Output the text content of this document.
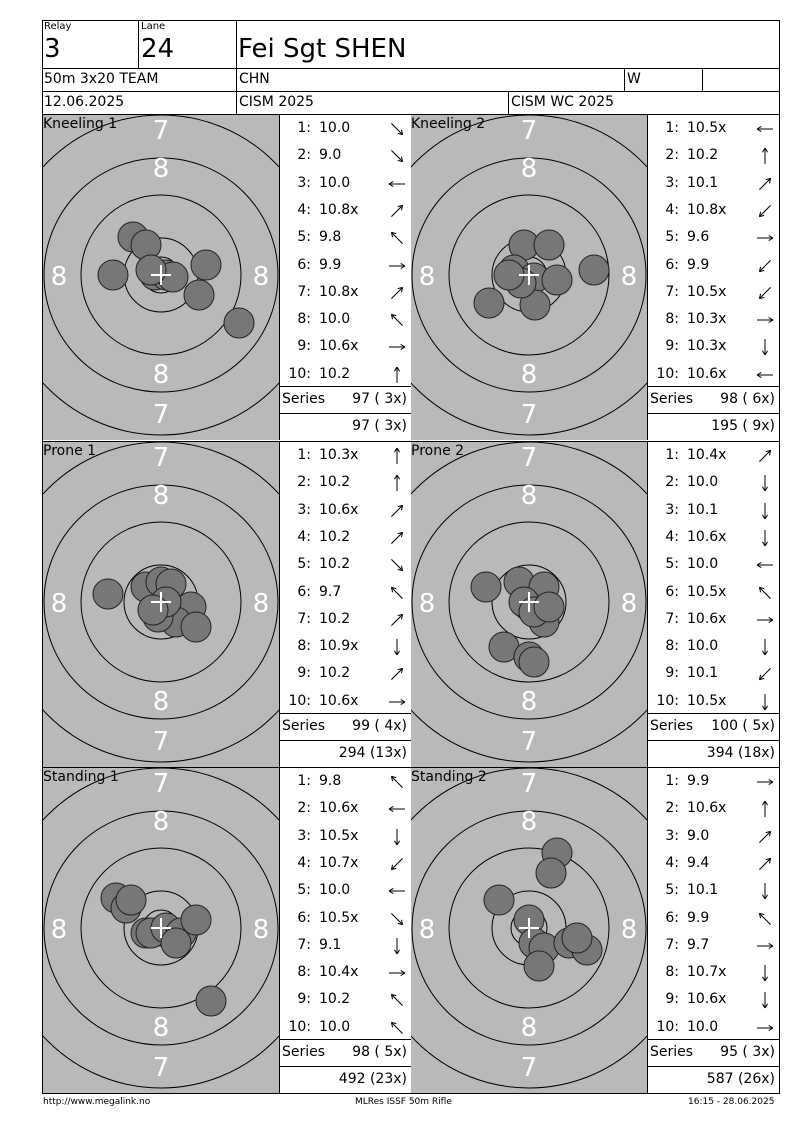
Relay
3
Lane
24 Fei Sgt SHEN
50m 3x20 TEAM	CHN	W
12.06.2025	CISM 2025	CISM WC 2025
7
8
8
7
8	8
Kneeling 1	1: 10.0
2: 9.0
3: 10.0
4: 10.8x
5: 9.8
6: 9.9
7: 10.8x
8: 10.0
9: 10.6x
10: 10.2
Series	97 ( 3x)
97 ( 3x)
7
8
8
7
8	8
Kneeling 2	1: 10.5x
2: 10.2
3: 10.1
4: 10.8x
5: 9.6
6: 9.9
7: 10.5x
8: 10.3x
9: 10.3x
10: 10.6x
Series	98 ( 6x)
195 ( 9x)
7
8
8
7
8	8
Prone 1	1: 10.3x
2: 10.2
3: 10.6x
4: 10.2
5: 10.2
6: 9.7
7: 10.2
8: 10.9x
9: 10.2
10: 10.6x
Series	99 ( 4x)
294 (13x)
7
8
8
7
8	8
Prone 2	1: 10.4x
2: 10.0
3: 10.1
4: 10.6x
5: 10.0
6: 10.5x
7: 10.6x
8: 10.0
9: 10.1
10: 10.5x
Series	100 ( 5x)
394 (18x)
7
8
8
7
8	8
Standing 1	1: 9.8
2: 10.6x
3: 10.5x
4: 10.7x
5: 10.0
6: 10.5x
7: 9.1
8: 10.4x
9: 10.2
10: 10.0
Series	98 ( 5x)
492 (23x)
7
8
8
7
8	8
Standing 2	1: 9.9
2: 10.6x
3: 9.0
4: 9.4
5: 10.1
6: 9.9
7: 9.7
8: 10.7x
9: 10.6x
10: 10.0
Series	95 ( 3x)
587 (26x)
http://www.megalink.no	MLRes ISSF 50m Rifle	16:15 - 28.06.2025
